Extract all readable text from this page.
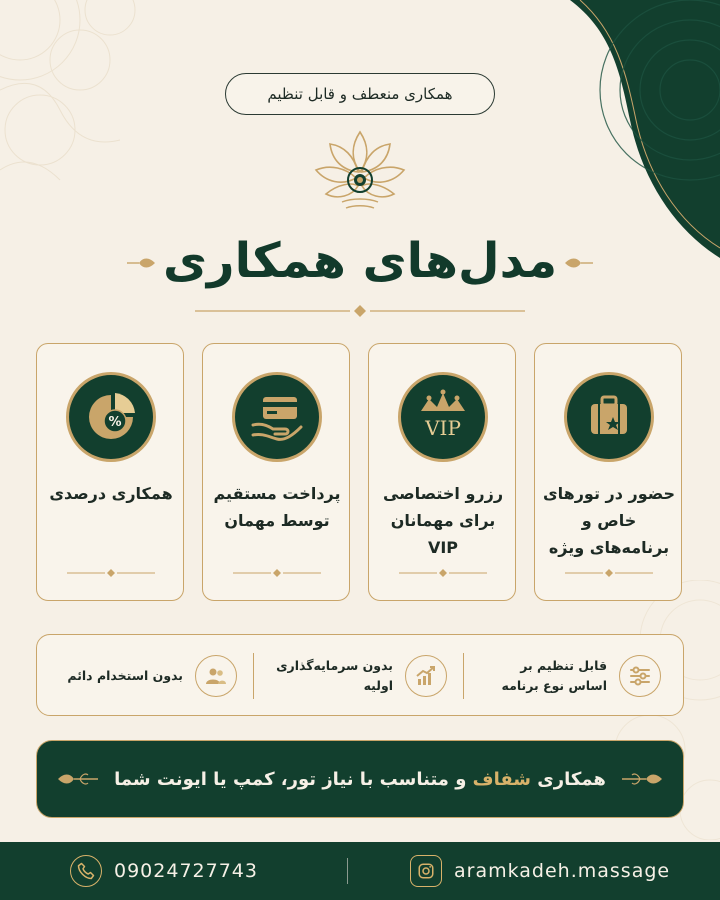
همکاری منعطف و قابل تنظیم
مدل‌های همکاری
%
همکاری درصدی	پرداخت مستقیم توسط مهمان
VIP
رزرو اختصاصی برای مهمانان VIP
حضور در تورهای خاص و برنامه‌های ویژه
قابل تنظیم بر اساس نوع برنامه
بدون سرمایه‌گذاری اولیه
بدون استخدام دائم
همکاری شفاف و متناسب با نیاز تور، کمپ یا ایونت شما
09024727743	aramkadeh.massage
